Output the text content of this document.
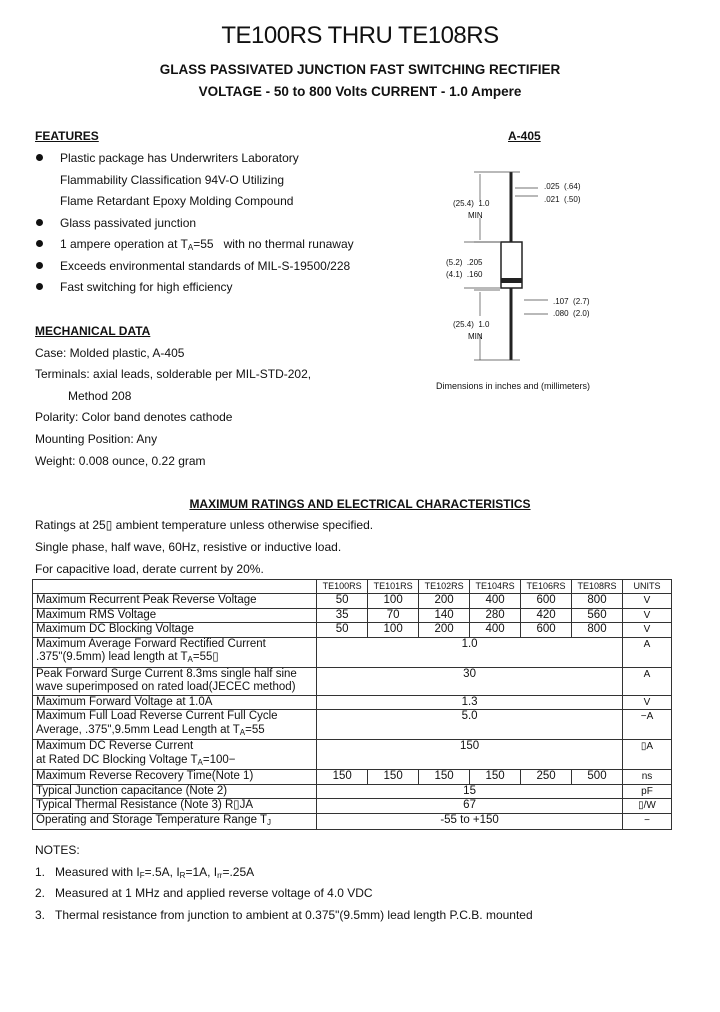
TE100RS THRU TE108RS
GLASS PASSIVATED JUNCTION FAST SWITCHING RECTIFIER
VOLTAGE - 50 to 800 Volts CURRENT - 1.0 Ampere
FEATURES
Plastic package has Underwriters Laboratory
Flammability Classification 94V-O Utilizing
Flame Retardant Epoxy Molding Compound
Glass passivated junction
1 ampere operation at $T_A=55$ with no thermal runaway
Exceeds environmental standards of MIL-S-19500/228
Fast switching for high efficiency
A-405
(25.4) 1.0
MIN
.025 (.64)
.021 (.50)
(5.2) .205
(4.1) .160
.107 (2.7)
.080 (2.0)
(25.4) 1.0
MIN
Dimensions in inches and (millimeters)
MECHANICAL DATA
Case: Molded plastic, A-405
Terminals: axial leads, solderable per MIL-STD-202,
Method 208
Polarity: Color band denotes cathode
Mounting Position: Any
Weight: 0.008 ounce, 0.22 gram
MAXIMUM RATINGS AND ELECTRICAL CHARACTERISTICS
Ratings at 25▯ ambient temperature unless otherwise specified.
Single phase, half wave, 60Hz, resistive or inductive load.
For capacitive load, derate current by 20%.
	TE100RS	TE101RS	TE102RS	TE104RS	TE106RS	TE108RS	UNITS
Maximum Recurrent Peak Reverse Voltage	50	100	200	400	600	800	V
Maximum RMS Voltage	35	70	140	280	420	560	V
Maximum DC Blocking Voltage	50	100	200	400	600	800	V
Maximum Average Forward Rectified Current
.375"(9.5mm) lead length at $T_A=55▯$	1.0						A
Peak Forward Surge Current 8.3ms single half sine
wave superimposed on rated load(JECEC method)	30						A
Maximum Forward Voltage at 1.0A	1.3						V
Maximum Full Load Reverse Current Full Cycle
Average, .375",9.5mm Lead Length at $T_A=55$	5.0						−A
Maximum DC Reverse Current
at Rated DC Blocking Voltage $T_A=100-$	150						▯A
Maximum Reverse Recovery Time(Note 1)	150	150	150	150	250	500	ns
Typical Junction capacitance (Note 2)	15						pF
Typical Thermal Resistance (Note 3) R▯JA	67						▯/W
Operating and Storage Temperature Range $T_J$	-55 to +150						−
NOTES:
1. Measured with $I_F=.5A$, $I_R=1A$, $I_{rr}=.25A$
2. Measured at 1 MHz and applied reverse voltage of 4.0 VDC
3. Thermal resistance from junction to ambient at 0.375"(9.5mm) lead length P.C.B. mounted
